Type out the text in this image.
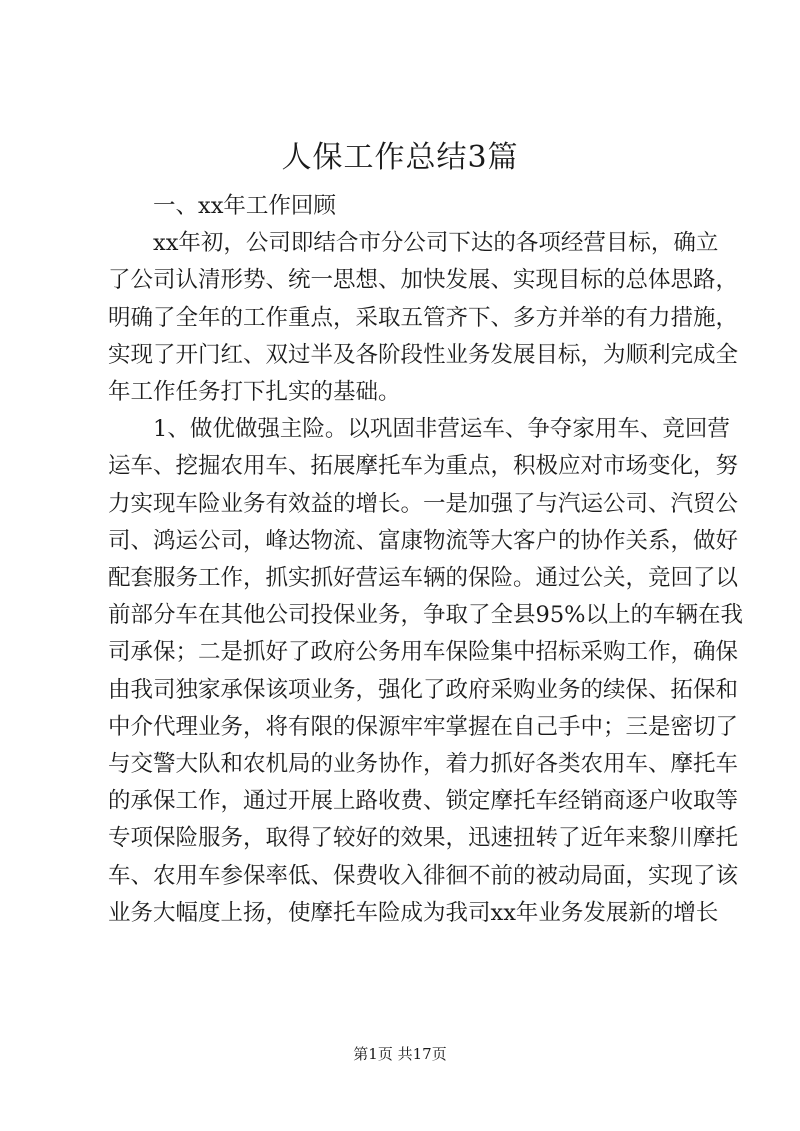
人保工作总结3篇
一、xx年工作回顾
xx年初，公司即结合市分公司下达的各项经营目标，确立
了公司认清形势、统一思想、加快发展、实现目标的总体思路，
明确了全年的工作重点，采取五管齐下、多方并举的有力措施，
实现了开门红、双过半及各阶段性业务发展目标，为顺利完成全
年工作任务打下扎实的基础。
1、做优做强主险。以巩固非营运车、争夺家用车、竞回营
运车、挖掘农用车、拓展摩托车为重点，积极应对市场变化，努
力实现车险业务有效益的增长。一是加强了与汽运公司、汽贸公
司、鸿运公司，峰达物流、富康物流等大客户的协作关系，做好
配套服务工作，抓实抓好营运车辆的保险。通过公关，竞回了以
前部分车在其他公司投保业务，争取了全县95%以上的车辆在我
司承保；二是抓好了政府公务用车保险集中招标采购工作，确保
由我司独家承保该项业务，强化了政府采购业务的续保、拓保和
中介代理业务，将有限的保源牢牢掌握在自己手中；三是密切了
与交警大队和农机局的业务协作，着力抓好各类农用车、摩托车
的承保工作，通过开展上路收费、锁定摩托车经销商逐户收取等
专项保险服务，取得了较好的效果，迅速扭转了近年来黎川摩托
车、农用车参保率低、保费收入徘徊不前的被动局面，实现了该
业务大幅度上扬，使摩托车险成为我司xx年业务发展新的增长
第1页 共17页
